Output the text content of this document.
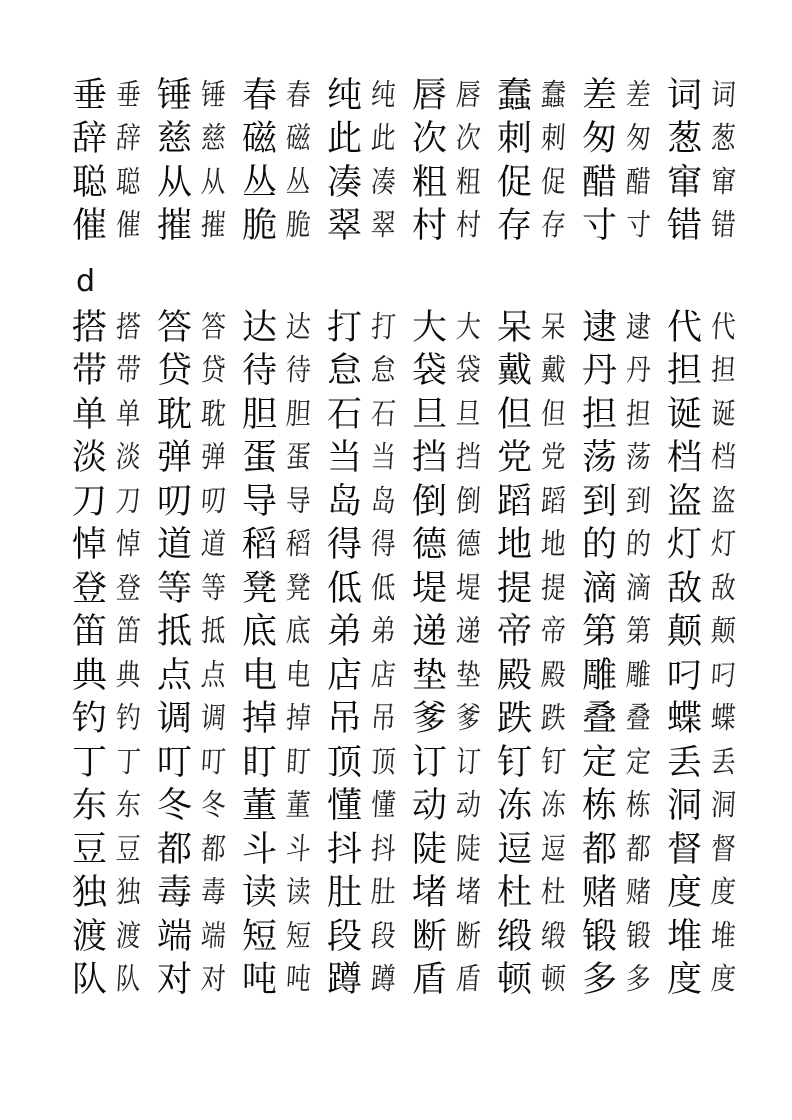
垂 垂 锤 锤 春 春 纯 纯 唇 唇 蠢 蠢 差 差 词 词
辞 辞 慈 慈 磁 磁 此 此 次 次 刺 刺 匆 匆 葱 葱
聪 聪 从 从 丛 丛 凑 凑 粗 粗 促 促 醋 醋 窜 窜
催 催 摧 摧 脆 脆 翠 翠 村 村 存 存 寸 寸 错 错
d
搭 搭 答 答 达 达 打 打 大 大 呆 呆 逮 逮 代 代
带 带 贷 贷 待 待 怠 怠 袋 袋 戴 戴 丹 丹 担 担
单 单 耽 耽 胆 胆 石 石 旦 旦 但 但 担 担 诞 诞
淡 淡 弹 弹 蛋 蛋 当 当 挡 挡 党 党 荡 荡 档 档
刀 刀 叨 叨 导 导 岛 岛 倒 倒 蹈 蹈 到 到 盗 盗
悼 悼 道 道 稻 稻 得 得 德 德 地 地 的 的 灯 灯
登 登 等 等 凳 凳 低 低 堤 堤 提 提 滴 滴 敌 敌
笛 笛 抵 抵 底 底 弟 弟 递 递 帝 帝 第 第 颠 颠
典 典 点 点 电 电 店 店 垫 垫 殿 殿 雕 雕 叼 叼
钓 钓 调 调 掉 掉 吊 吊 爹 爹 跌 跌 叠 叠 蝶 蝶
丁 丁 叮 叮 盯 盯 顶 顶 订 订 钉 钉 定 定 丢 丢
东 东 冬 冬 董 董 懂 懂 动 动 冻 冻 栋 栋 洞 洞
豆 豆 都 都 斗 斗 抖 抖 陡 陡 逗 逗 都 都 督 督
独 独 毒 毒 读 读 肚 肚 堵 堵 杜 杜 赌 赌 度 度
渡 渡 端 端 短 短 段 段 断 断 缎 缎 锻 锻 堆 堆
队 队 对 对 吨 吨 蹲 蹲 盾 盾 顿 顿 多 多 度 度
